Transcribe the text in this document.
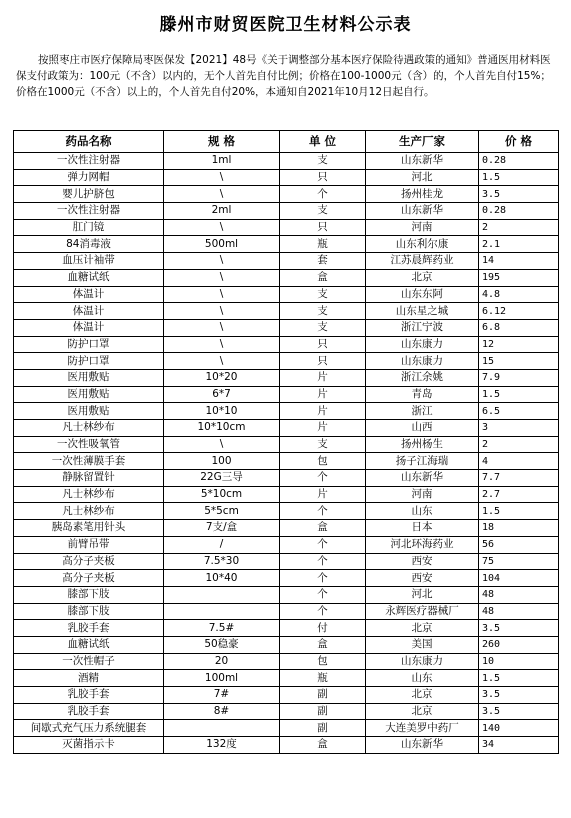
滕州市财贸医院卫生材料公示表
按照枣庄市医疗保障局枣医保发【2021】48号《关于调整部分基本医疗保险待遇政策的通知》普通医用材料医保支付政策为：100元（不含）以内的，无个人首先自付比例；价格在100-1000元（含）的，个人首先自付15%；价格在1000元（不含）以上的，个人首先自付20%，本通知自2021年10月12日起自行。
药品名称	规 格	单 位	生产厂家	价 格
一次性注射器	1ml	支	山东新华	0.28
弹力网帽	\	只	河北	1.5
婴儿护脐包	\	个	扬州桂龙	3.5
一次性注射器	2ml	支	山东新华	0.28
肛门镜	\	只	河南	2
84消毒液	500ml	瓶	山东利尔康	2.1
血压计袖带	\	套	江苏晨辉药业	14
血糖试纸	\	盒	北京	195
体温计	\	支	山东东阿	4.8
体温计	\	支	山东星之城	6.12
体温计	\	支	浙江宁波	6.8
防护口罩	\	只	山东康力	12
防护口罩	\	只	山东康力	15
医用敷贴	10*20	片	浙江余姚	7.9
医用敷贴	6*7	片	青岛	1.5
医用敷贴	10*10	片	浙江	6.5
凡士林纱布	10*10cm	片	山西	3
一次性吸氧管	\	支	扬州杨生	2
一次性薄膜手套	100	包	扬子江海瑞	4
静脉留置针	22G三导	个	山东新华	7.7
凡士林纱布	5*10cm	片	河南	2.7
凡士林纱布	5*5cm	个	山东	1.5
胰岛素笔用针头	7支/盒	盒	日本	18
前臂吊带	/	个	河北环海药业	56
高分子夹板	7.5*30	个	西安	75
高分子夹板	10*40	个	西安	104
膝部下肢		个	河北	48
膝部下肢		个	永辉医疗器械厂	48
乳胶手套	7.5#	付	北京	3.5
血糖试纸	50稳豪	盒	美国	260
一次性帽子	20	包	山东康力	10
酒精	100ml	瓶	山东	1.5
乳胶手套	7#	副	北京	3.5
乳胶手套	8#	副	北京	3.5
间歇式充气压力系统腿套		副	大连美罗中药厂	140
灭菌指示卡	132度	盒	山东新华	34
